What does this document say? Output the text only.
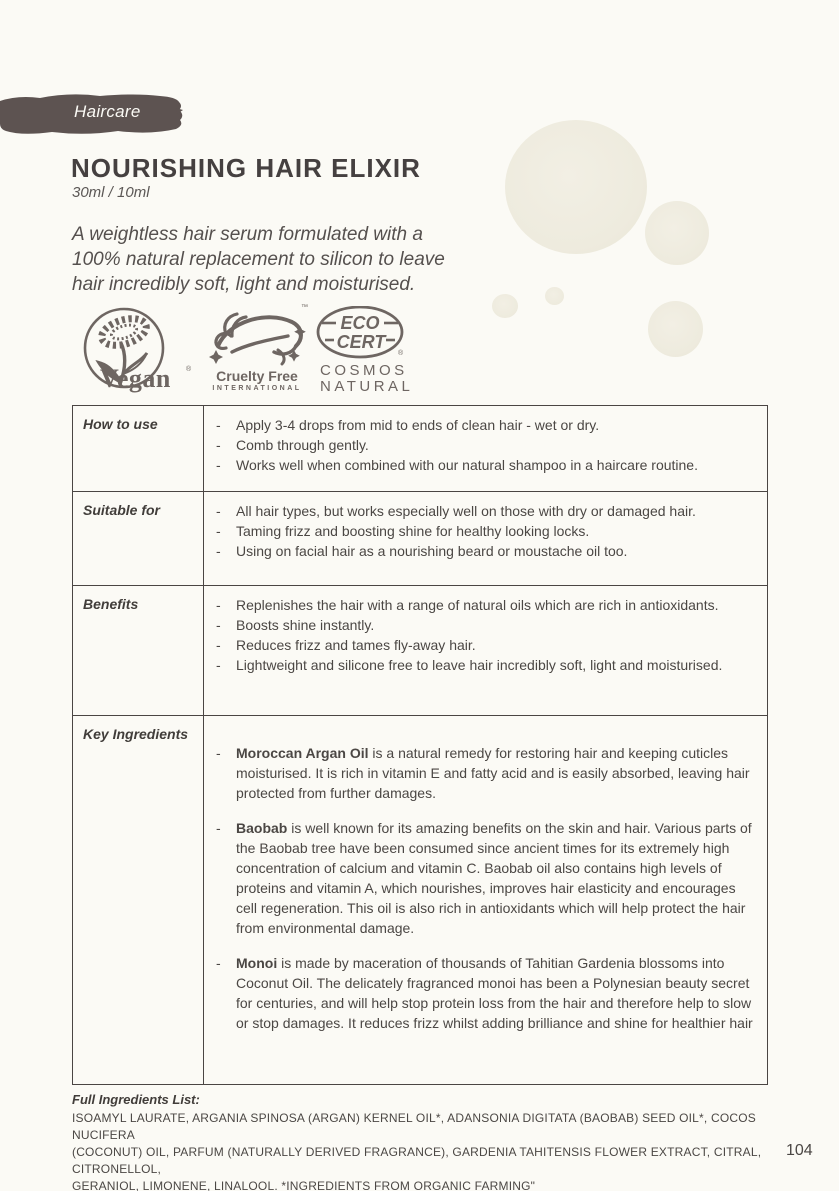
Haircare
NOURISHING HAIR ELIXIR
30ml / 10ml
A weightless hair serum formulated with a
100% natural replacement to silicon to leave
hair incredibly soft, light and moisturised.
Vegan ®
™
Cruelty Free
INTERNATIONAL
ECO
CERT
®
COSMOS
NATURAL
How to use	-	Apply 3-4 drops from mid to ends of clean hair - wet or dry.
-	Comb through gently.
-	Works well when combined with our natural shampoo in a haircare routine.
Suitable for	-	All hair types, but works especially well on those with dry or damaged hair.
-	Taming frizz and boosting shine for healthy looking locks.
-	Using on facial hair as a nourishing beard or moustache oil too.
Benefits	-	Replenishes the hair with a range of natural oils which are rich in antioxidants.
-	Boosts shine instantly.
-	Reduces frizz and tames fly-away hair.
-	Lightweight and silicone free to leave hair incredibly soft, light and moisturised.
Key Ingredients
-	Moroccan Argan Oil is a natural remedy for restoring hair and keeping cuticles moisturised. It is rich in vitamin E and fatty acid and is easily absorbed, leaving hair protected from further damages.
-	Baobab is well known for its amazing benefits on the skin and hair. Various parts of the Baobab tree have been consumed since ancient times for its extremely high concentration of calcium and vitamin C. Baobab oil also contains high levels of proteins and vitamin A, which nourishes, improves hair elasticity and encourages cell regeneration. This oil is also rich in antioxidants which will help protect the hair from environmental damage.
-	Monoi is made by maceration of thousands of Tahitian Gardenia blossoms into Coconut Oil. The delicately fragranced monoi has been a Polynesian beauty secret for centuries, and will help stop protein loss from the hair and therefore help to slow or stop damages. It reduces frizz whilst adding brilliance and shine for healthier hair
Full Ingredients List:
ISOAMYL LAURATE, ARGANIA SPINOSA (ARGAN) KERNEL OIL*, ADANSONIA DIGITATA (BAOBAB) SEED OIL*, COCOS NUCIFERA
(COCONUT) OIL, PARFUM (NATURALLY DERIVED FRAGRANCE), GARDENIA TAHITENSIS FLOWER EXTRACT, CITRAL, CITRONELLOL,
GERANIOL, LIMONENE, LINALOOL. *INGREDIENTS FROM ORGANIC FARMING"
104
